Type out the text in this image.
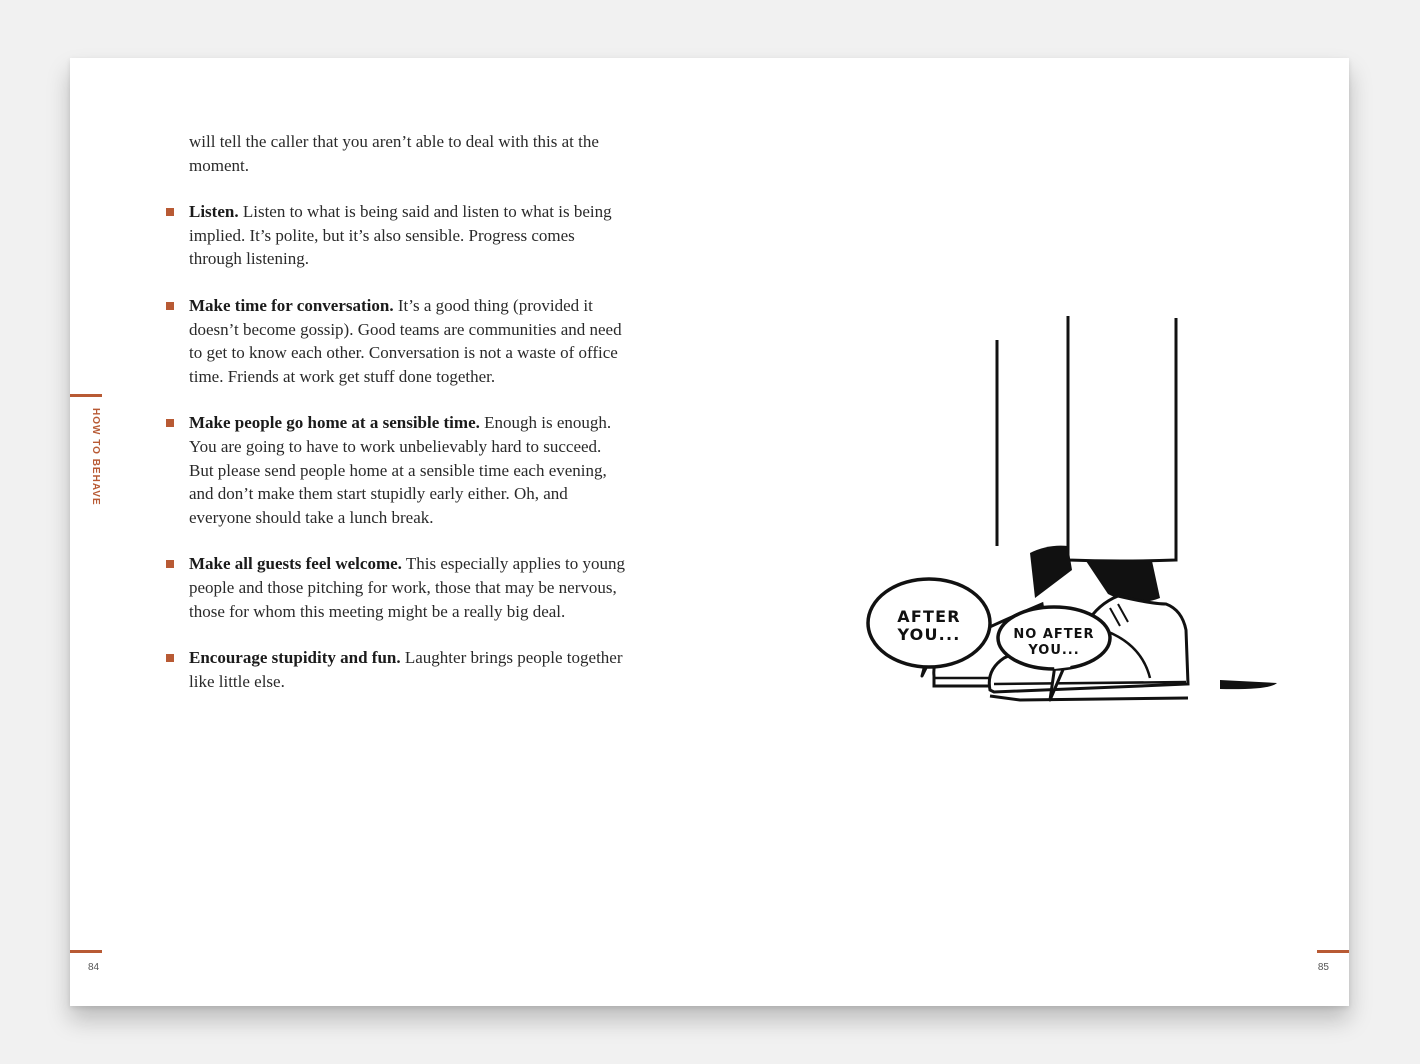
HOW TO BEHAVE

will tell the caller that you aren’t able to deal with this at the moment.

Listen. Listen to what is being said and listen to what is being implied. It’s polite, but it’s also sensible. Progress comes through listening.
Make time for conversation. It’s a good thing (provided it doesn’t become gossip). Good teams are communities and need to get to know each other. Conversation is not a waste of office time. Friends at work get stuff done together.
Make people go home at a sensible time. Enough is enough. You are going to have to work unbelievably hard to succeed. But please send people home at a sensible time each evening, and don’t make them start stupidly early either. Oh, and everyone should take a lunch break.
Make all guests feel welcome. This especially applies to young people and those pitching for work, those that may be nervous, those for whom this meeting might be a really big deal.
Encourage stupidity and fun. Laughter brings people together like little else.
AFTER
YOU...	NO AFTER
YOU...
84	85
